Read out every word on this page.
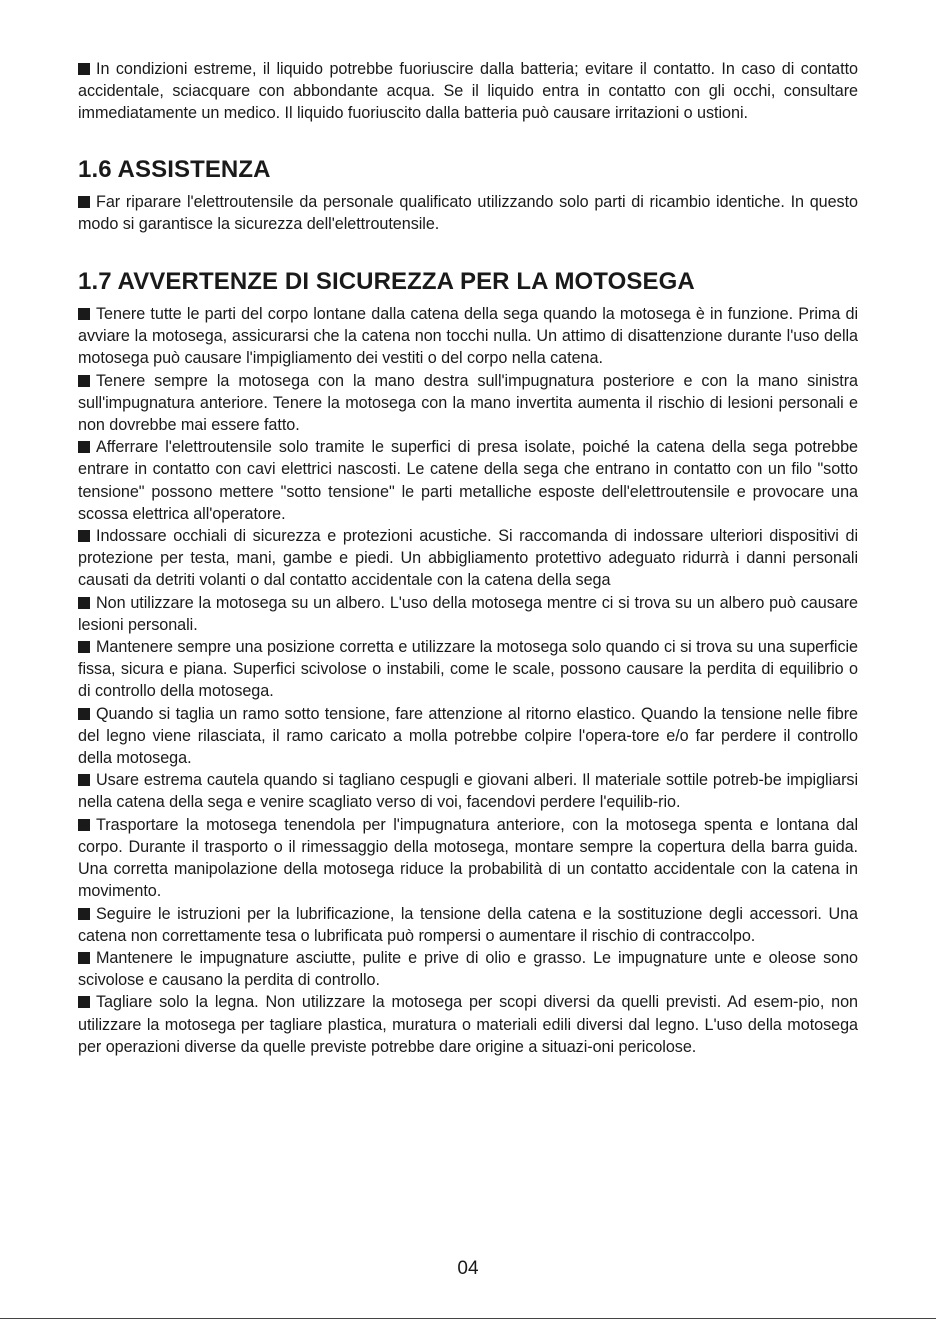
In condizioni estreme, il liquido potrebbe fuoriuscire dalla batteria; evitare il contatto. In caso di contatto accidentale, sciacquare con abbondante acqua. Se il liquido entra in contatto con gli occhi, consultare immediatamente un medico. Il liquido fuoriuscito dalla batteria può causare irritazioni o ustioni.

1.6 ASSISTENZA

Far riparare l'elettroutensile da personale qualificato utilizzando solo parti di ricambio identiche. In questo modo si garantisce la sicurezza dell'elettroutensile.

1.7 AVVERTENZE DI SICUREZZA PER LA MOTOSEGA

Tenere tutte le parti del corpo lontane dalla catena della sega quando la motosega è in funzione. Prima di avviare la motosega, assicurarsi che la catena non tocchi nulla. Un attimo di disattenzione durante l'uso della motosega può causare l'impigliamento dei vestiti o del corpo nella catena.

Tenere sempre la motosega con la mano destra sull'impugnatura posteriore e con la mano sinistra sull'impugnatura anteriore. Tenere la motosega con la mano invertita aumenta il rischio di lesioni personali e non dovrebbe mai essere fatto.

Afferrare l'elettroutensile solo tramite le superfici di presa isolate, poiché la catena della sega potrebbe entrare in contatto con cavi elettrici nascosti. Le catene della sega che entrano in contatto con un filo "sotto tensione" possono mettere "sotto tensione" le parti metalliche esposte dell'elettroutensile e provocare una scossa elettrica all'operatore.

Indossare occhiali di sicurezza e protezioni acustiche. Si raccomanda di indossare ulteriori dispositivi di protezione per testa, mani, gambe e piedi. Un abbigliamento protettivo adeguato ridurrà i danni personali causati da detriti volanti o dal contatto accidentale con la catena della sega

Non utilizzare la motosega su un albero. L'uso della motosega mentre ci si trova su un albero può causare lesioni personali.

Mantenere sempre una posizione corretta e utilizzare la motosega solo quando ci si trova su una superficie fissa, sicura e piana. Superfici scivolose o instabili, come le scale, possono causare la perdita di equilibrio o di controllo della motosega.

Quando si taglia un ramo sotto tensione, fare attenzione al ritorno elastico. Quando la tensione nelle fibre del legno viene rilasciata, il ramo caricato a molla potrebbe colpire l'opera-tore e/o far perdere il controllo della motosega.

Usare estrema cautela quando si tagliano cespugli e giovani alberi. Il materiale sottile potreb-be impigliarsi nella catena della sega e venire scagliato verso di voi, facendovi perdere l'equilib-rio.

Trasportare la motosega tenendola per l'impugnatura anteriore, con la motosega spenta e lontana dal corpo. Durante il trasporto o il rimessaggio della motosega, montare sempre la copertura della barra guida. Una corretta manipolazione della motosega riduce la probabilità di un contatto accidentale con la catena in movimento.

Seguire le istruzioni per la lubrificazione, la tensione della catena e la sostituzione degli accessori. Una catena non correttamente tesa o lubrificata può rompersi o aumentare il rischio di contraccolpo.

Mantenere le impugnature asciutte, pulite e prive di olio e grasso. Le impugnature unte e oleose sono scivolose e causano la perdita di controllo.

Tagliare solo la legna. Non utilizzare la motosega per scopi diversi da quelli previsti. Ad esem-pio, non utilizzare la motosega per tagliare plastica, muratura o materiali edili diversi dal legno. L'uso della motosega per operazioni diverse da quelle previste potrebbe dare origine a situazi-oni pericolose.

04
